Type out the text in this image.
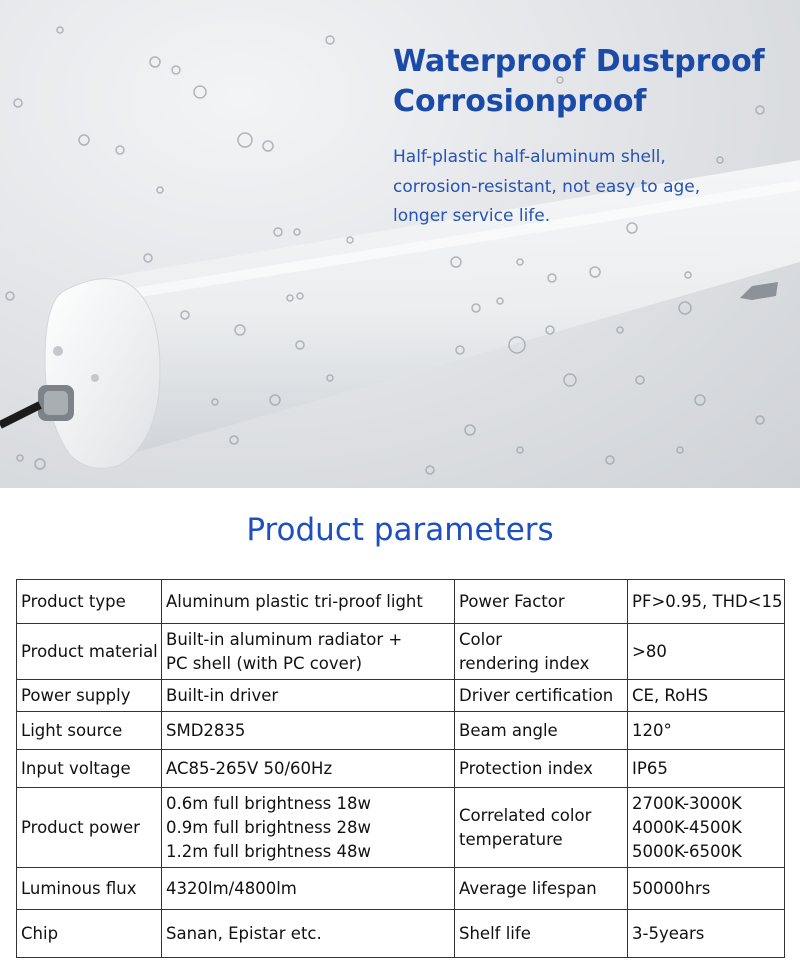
Waterproof Dustproof
Corrosionproof
Half-plastic half-aluminum shell,
corrosion-resistant, not easy to age,
longer service life.
Product parameters
Product type	Aluminum plastic tri-proof light	Power Factor	PF>0.95, THD<15

Product material	Built-in aluminum radiator +
PC shell (with PC cover)	Color
rendering index	>80

Power supply	Built-in driver	Driver certification	CE, RoHS

Light source	SMD2835	Beam angle	120°

Input voltage	AC85-265V 50/60Hz	Protection index	IP65

Product power	0.6m full brightness 18w
0.9m full brightness 28w
1.2m full brightness 48w	Correlated color
temperature	2700K-3000K
4000K-4500K
5000K-6500K

Luminous flux	4320lm/4800lm	Average lifespan	50000hrs

Chip	Sanan, Epistar etc.	Shelf life	3-5years
